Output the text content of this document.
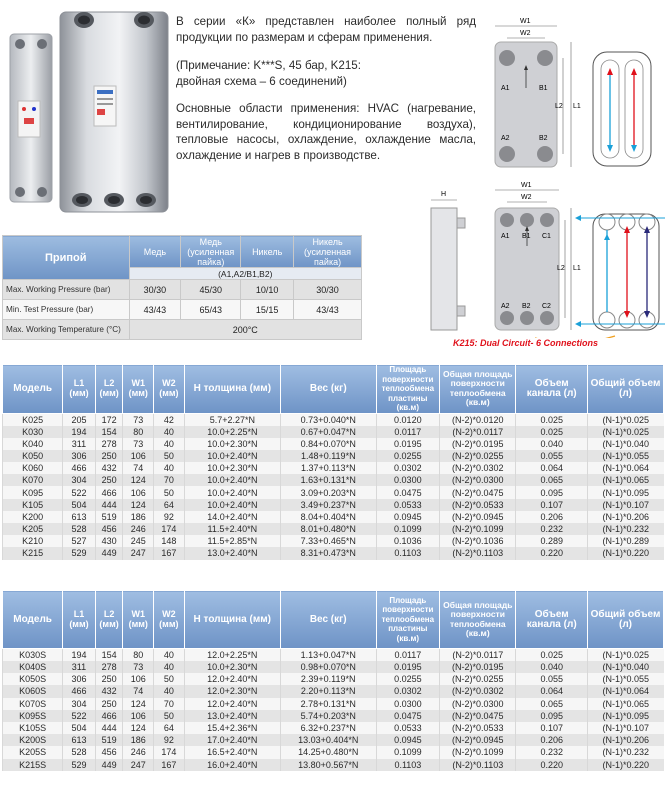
В серии «К» представлен наиболее полный ряд продукции по размерам и сферам применения.

(Примечание: K***S, 45 бар, K215:
двойная схема – 6 соединений)

Основные области применения: HVAC (нагревание, вентилирование, кондиционирование воздуха), тепловые насосы, охлаждение, охлаждение масла, охлаждение и нагрев в производстве.

A1	B1
A2	B2
W1
W2
L2 L1
H
A1 B1 C1
A2 B2 C2
W1
W2
L2 L1
K215: Dual Circuit- 6 Connections
Припой	Медь	Медь (усиленная пайка)	Никель	Никель (усиленная пайка)
	(A1,A2/B1,B2)			
Max. Working Pressure (bar)	30/30	45/30	10/10	30/30
Min. Test Pressure (bar)	43/43	65/43	15/15	43/43
Max. Working Temperature (°C)	200°C			
Модель	L1 (мм)	L2 (мм)	W1 (мм)	W2 (мм)	H толщина (мм)	Вес (кг)	Площадь поверхности теплообмена пластины (кв.м)	Общая площадь поверхности теплообмена (кв.м)	Объем канала (л)	Общий объем (л)
K025	205	172	73	42	5.7+2.27*N	0.73+0.040*N	0.0120	(N-2)*0.0120	0.025	(N-1)*0.025
K030	194	154	80	40	10.0+2.25*N	0.67+0.047*N	0.0117	(N-2)*0.0117	0.025	(N-1)*0.025
K040	311	278	73	40	10.0+2.30*N	0.84+0.070*N	0.0195	(N-2)*0.0195	0.040	(N-1)*0.040
K050	306	250	106	50	10.0+2.40*N	1.48+0.119*N	0.0255	(N-2)*0.0255	0.055	(N-1)*0.055
K060	466	432	74	40	10.0+2.30*N	1.37+0.113*N	0.0302	(N-2)*0.0302	0.064	(N-1)*0.064
K070	304	250	124	70	10.0+2.40*N	1.63+0.131*N	0.0300	(N-2)*0.0300	0.065	(N-1)*0.065
K095	522	466	106	50	10.0+2.40*N	3.09+0.203*N	0.0475	(N-2)*0.0475	0.095	(N-1)*0.095
K105	504	444	124	64	10.0+2.40*N	3.49+0.237*N	0.0533	(N-2)*0.0533	0.107	(N-1)*0.107
K200	613	519	186	92	14.0+2.40*N	8.04+0.404*N	0.0945	(N-2)*0.0945	0.206	(N-1)*0.206
K205	528	456	246	174	11.5+2.40*N	8.01+0.480*N	0.1099	(N-2)*0.1099	0.232	(N-1)*0.232
K210	527	430	245	148	11.5+2.85*N	7.33+0.465*N	0.1036	(N-2)*0.1036	0.289	(N-1)*0.289
K215	529	449	247	167	13.0+2.40*N	8.31+0.473*N	0.1103	(N-2)*0.1103	0.220	(N-1)*0.220
Модель	L1 (мм)	L2 (мм)	W1 (мм)	W2 (мм)	H толщина (мм)	Вес (кг)	Площадь поверхности теплообмена пластины (кв.м)	Общая площадь поверхности теплообмена (кв.м)	Объем канала (л)	Общий объем (л)
K030S	194	154	80	40	12.0+2.25*N	1.13+0.047*N	0.0117	(N-2)*0.0117	0.025	(N-1)*0.025
K040S	311	278	73	40	10.0+2.30*N	0.98+0.070*N	0.0195	(N-2)*0.0195	0.040	(N-1)*0.040
K050S	306	250	106	50	12.0+2.40*N	2.39+0.119*N	0.0255	(N-2)*0.0255	0.055	(N-1)*0.055
K060S	466	432	74	40	12.0+2.30*N	2.20+0.113*N	0.0302	(N-2)*0.0302	0.064	(N-1)*0.064
K070S	304	250	124	70	12.0+2.40*N	2.78+0.131*N	0.0300	(N-2)*0.0300	0.065	(N-1)*0.065
K095S	522	466	106	50	13.0+2.40*N	5.74+0.203*N	0.0475	(N-2)*0.0475	0.095	(N-1)*0.095
K105S	504	444	124	64	15.4+2.36*N	6.32+0.237*N	0.0533	(N-2)*0.0533	0.107	(N-1)*0.107
K200S	613	519	186	92	17.0+2.40*N	13.03+0.404*N	0.0945	(N-2)*0.0945	0.206	(N-1)*0.206
K205S	528	456	246	174	16.5+2.40*N	14.25+0.480*N	0.1099	(N-2)*0.1099	0.232	(N-1)*0.232
K215S	529	449	247	167	16.0+2.40*N	13.80+0.567*N	0.1103	(N-2)*0.1103	0.220	(N-1)*0.220
